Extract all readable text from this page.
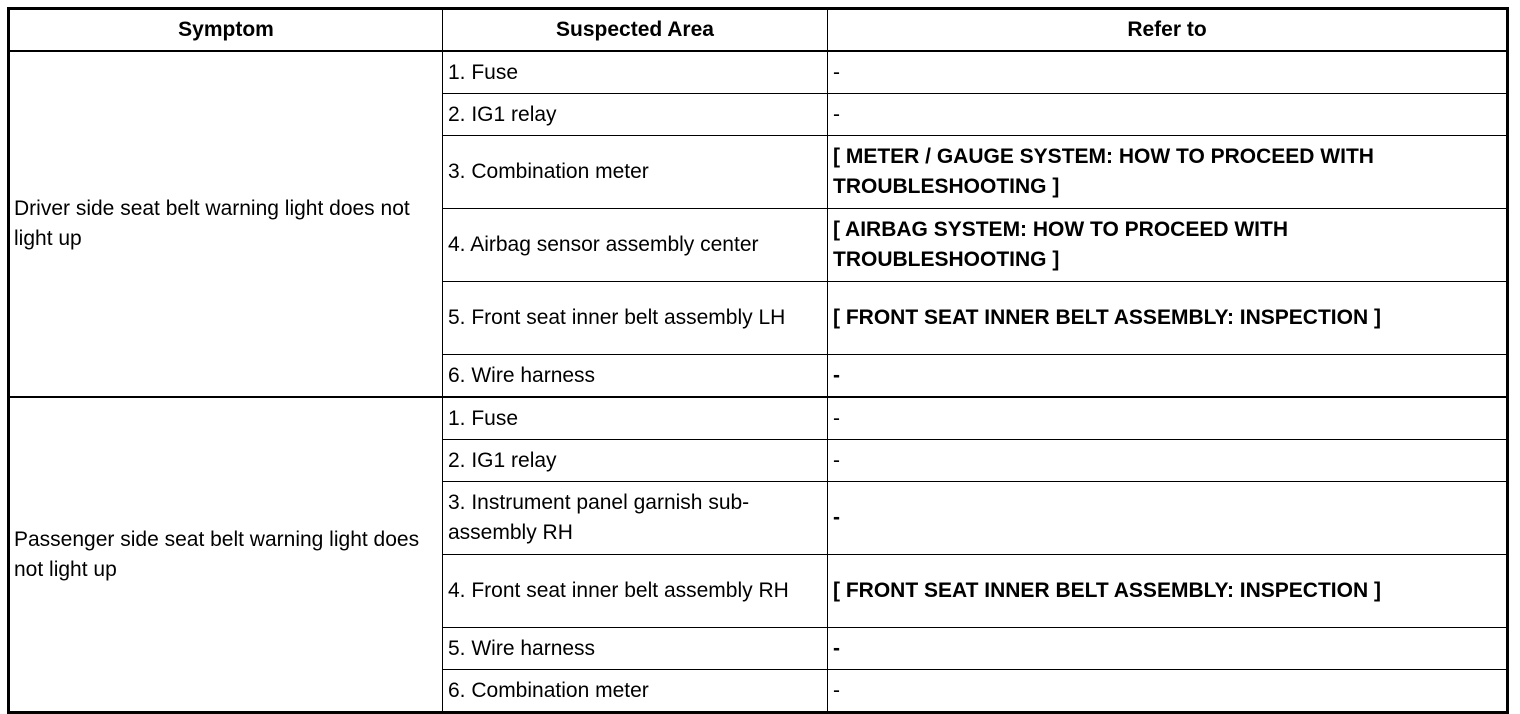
Symptom	Suspected Area	Refer to
Driver side seat belt warning light does not light up	1. Fuse	-
	2. IG1 relay	-
	3. Combination meter	[ METER / GAUGE SYSTEM: HOW TO PROCEED WITH TROUBLESHOOTING ]
	4. Airbag sensor assembly center	[ AIRBAG SYSTEM: HOW TO PROCEED WITH TROUBLESHOOTING ]
	5. Front seat inner belt assembly LH	[ FRONT SEAT INNER BELT ASSEMBLY: INSPECTION ]
	6. Wire harness	-
Passenger side seat belt warning light does not light up	1. Fuse	-
	2. IG1 relay	-
	3. Instrument panel garnish sub-assembly RH	-
	4. Front seat inner belt assembly RH	[ FRONT SEAT INNER BELT ASSEMBLY: INSPECTION ]
	5. Wire harness	-
	6. Combination meter	-
